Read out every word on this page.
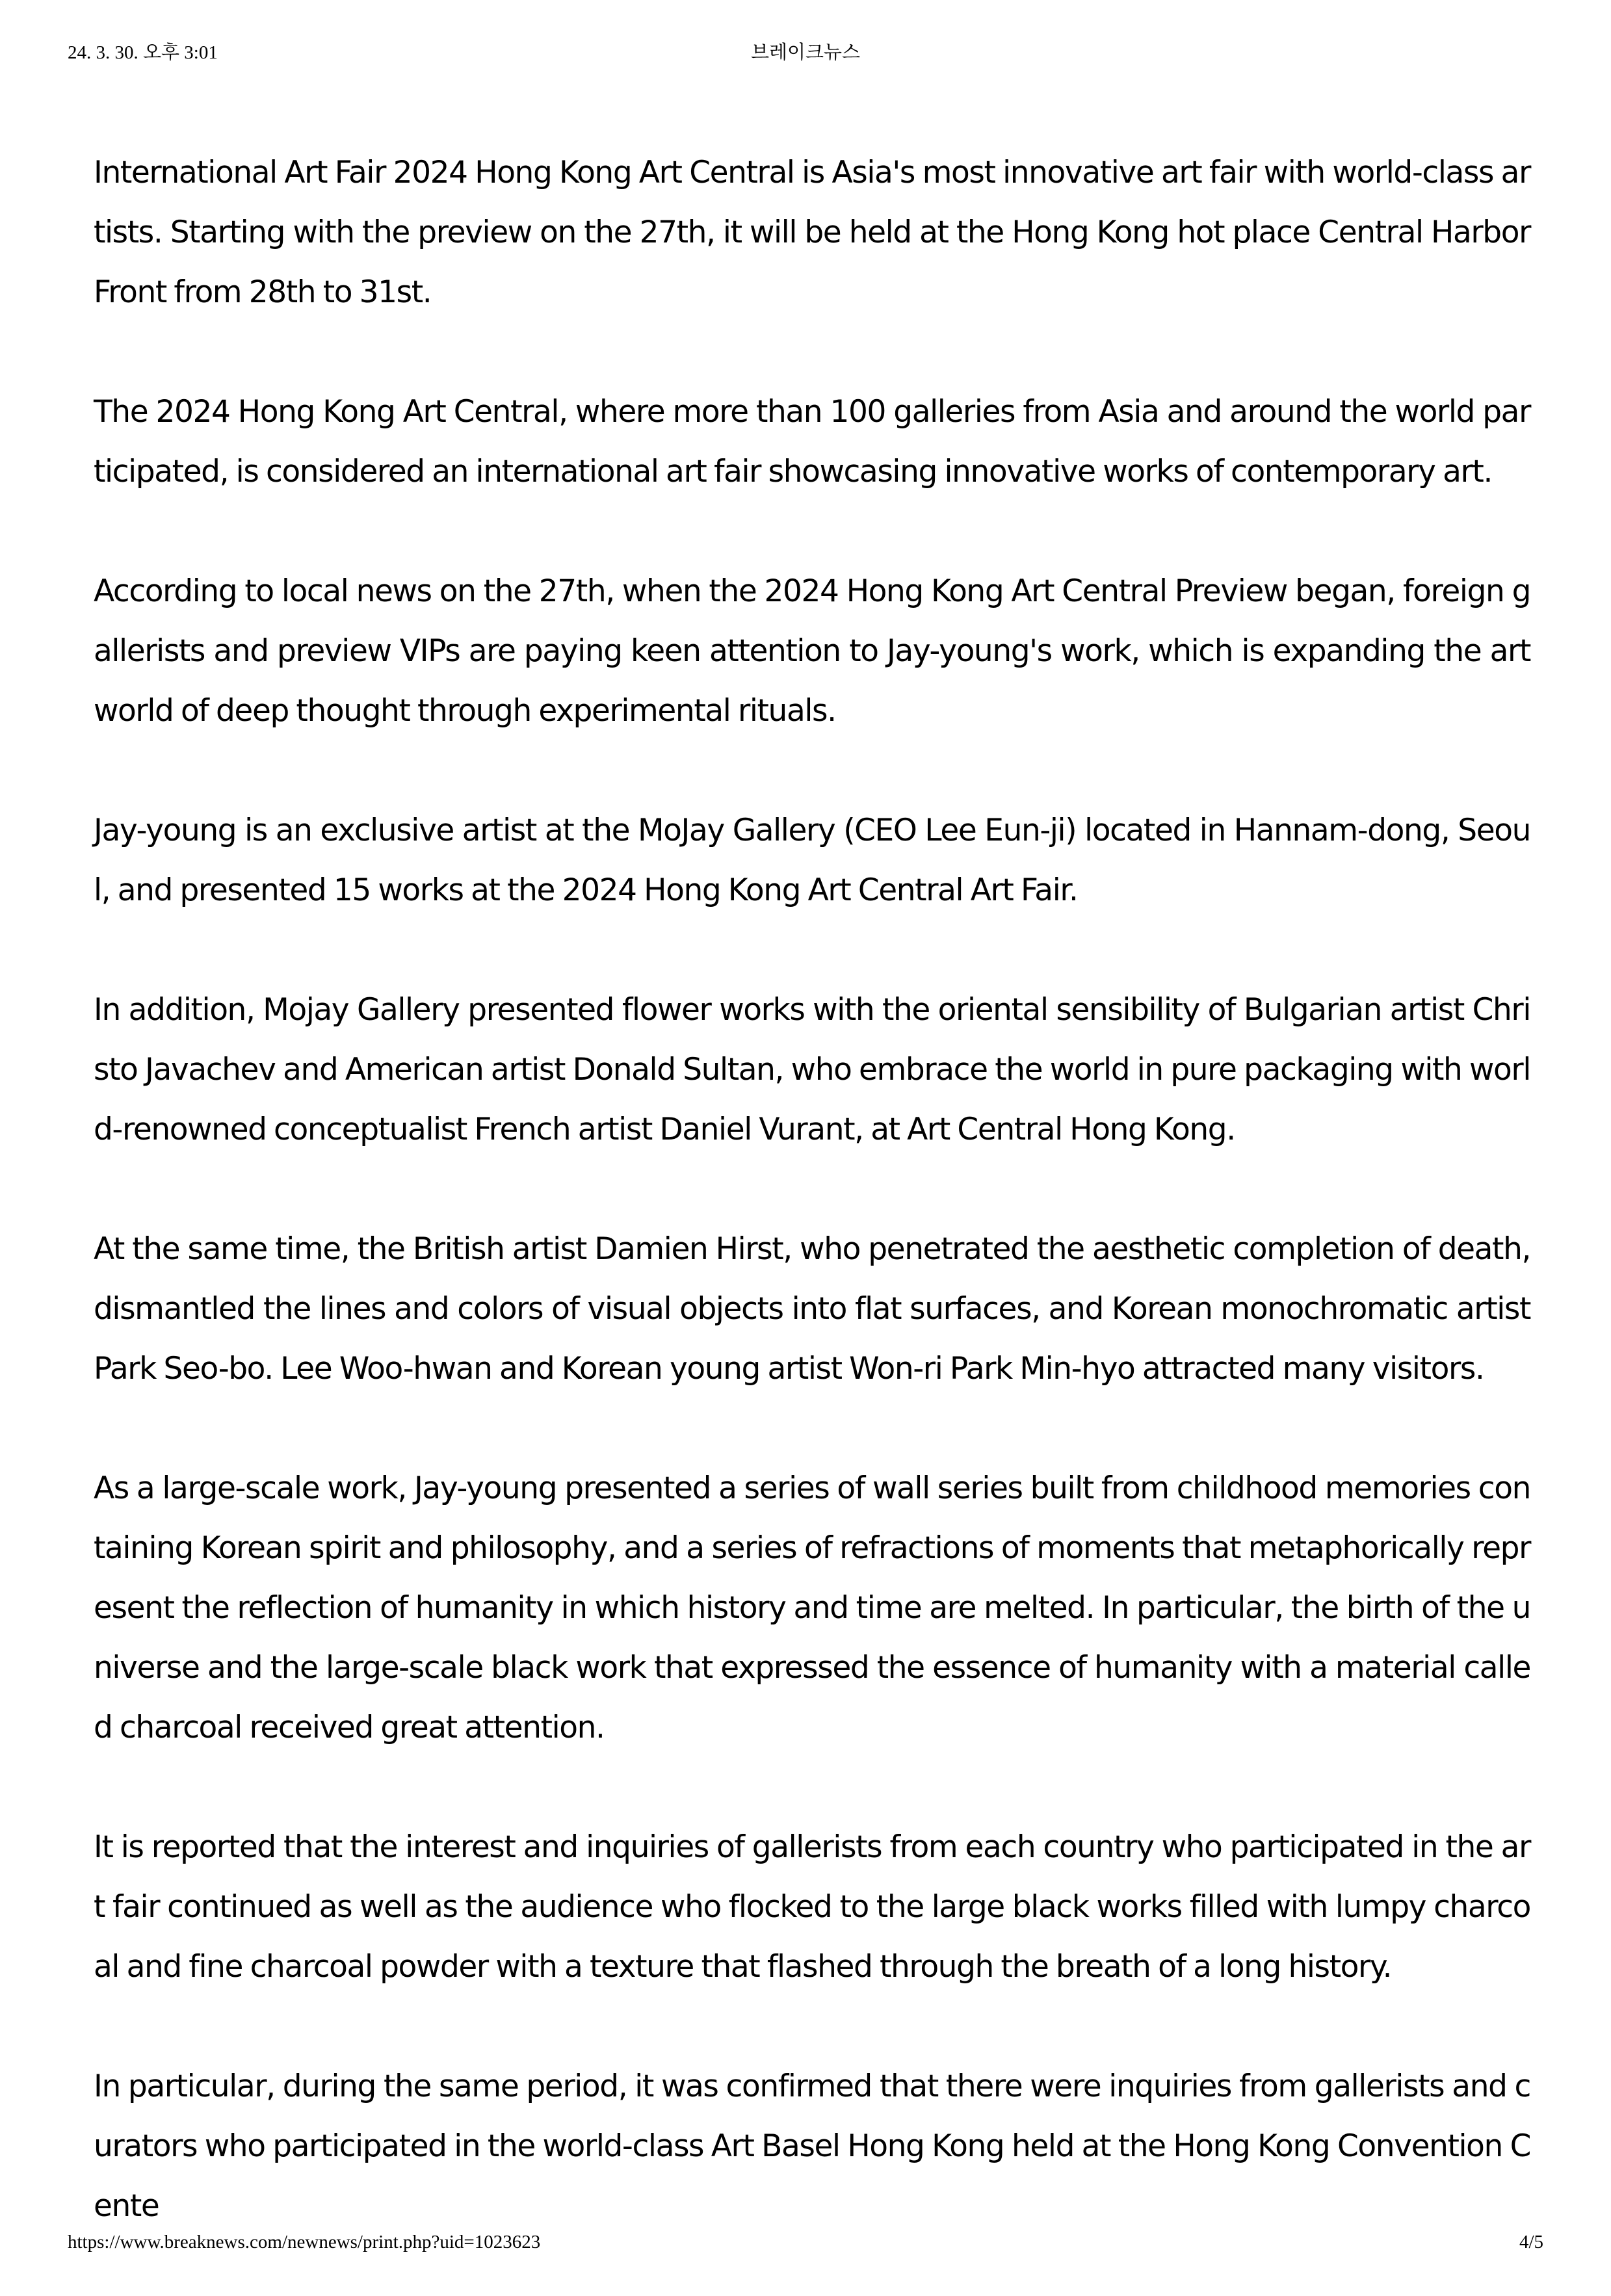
24. 3. 30. 오후 3:01	브레이크뉴스

International Art Fair 2024 Hong Kong Art Central is Asia's most innovative art fair with world-class artists. Starting with the preview on the 27th, it will be held at the Hong Kong hot place Central Harbor Front from 28th to 31st.

The 2024 Hong Kong Art Central, where more than 100 galleries from Asia and around the world participated, is considered an international art fair showcasing innovative works of contemporary art.

According to local news on the 27th, when the 2024 Hong Kong Art Central Preview began, foreign gallerists and preview VIPs are paying keen attention to Jay-young's work, which is expanding the art world of deep thought through experimental rituals.

Jay-young is an exclusive artist at the MoJay Gallery (CEO Lee Eun-ji) located in Hannam-dong, Seoul, and presented 15 works at the 2024 Hong Kong Art Central Art Fair.

In addition, Mojay Gallery presented flower works with the oriental sensibility of Bulgarian artist Christo Javachev and American artist Donald Sultan, who embrace the world in pure packaging with world-renowned conceptualist French artist Daniel Vurant, at Art Central Hong Kong.

At the same time, the British artist Damien Hirst, who penetrated the aesthetic completion of death, dismantled the lines and colors of visual objects into flat surfaces, and Korean monochromatic artist Park Seo-bo. Lee Woo-hwan and Korean young artist Won-ri Park Min-hyo attracted many visitors.

As a large-scale work, Jay-young presented a series of wall series built from childhood memories containing Korean spirit and philosophy, and a series of refractions of moments that metaphorically represent the reflection of humanity in which history and time are melted. In particular, the birth of the universe and the large-scale black work that expressed the essence of humanity with a material called charcoal received great attention.

It is reported that the interest and inquiries of gallerists from each country who participated in the art fair continued as well as the audience who flocked to the large black works filled with lumpy charcoal and fine charcoal powder with a texture that flashed through the breath of a long history.

In particular, during the same period, it was confirmed that there were inquiries from gallerists and curators who participated in the world-class Art Basel Hong Kong held at the Hong Kong Convention Cente

https://www.breaknews.com/newnews/print.php?uid=1023623	4/5
